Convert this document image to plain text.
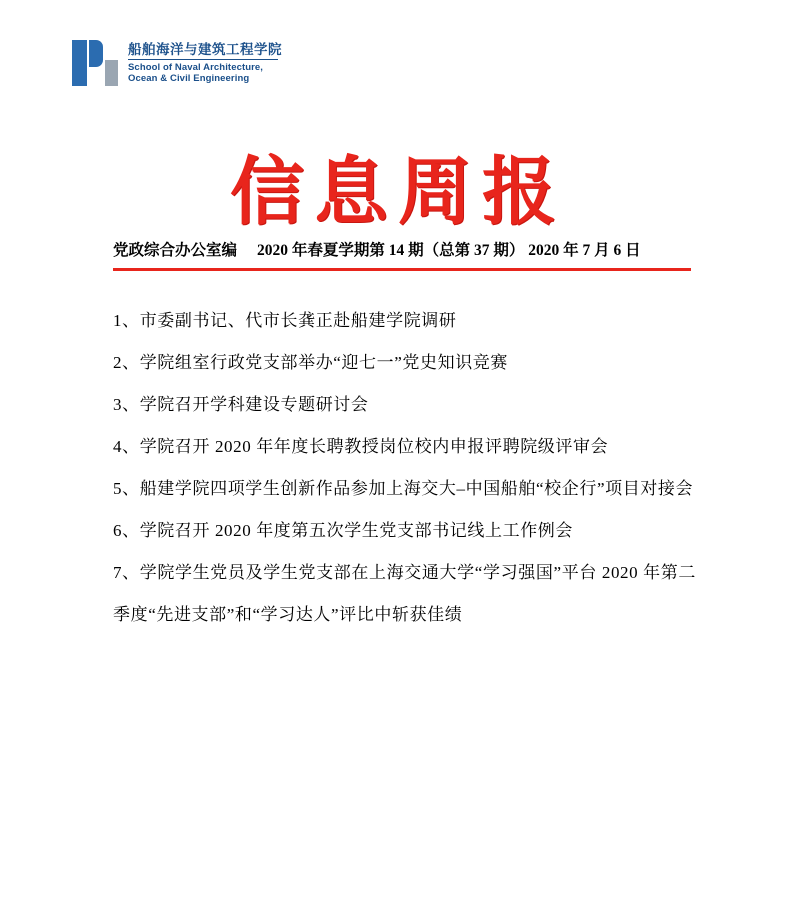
船舶海洋与建筑工程学院
School of Naval Architecture,
Ocean & Civil Engineering
信息周报
党政综合办公室编 2020 年春夏学期第 14 期（总第 37 期） 2020 年 7 月 6 日
1、市委副书记、代市长龚正赴船建学院调研
2、学院组室行政党支部举办“迎七一”党史知识竞赛
3、学院召开学科建设专题研讨会
4、学院召开 2020 年年度长聘教授岗位校内申报评聘院级评审会
5、船建学院四项学生创新作品参加上海交大–中国船舶“校企行”项目对接会
6、学院召开 2020 年度第五次学生党支部书记线上工作例会
7、学院学生党员及学生党支部在上海交通大学“学习强国”平台 2020 年第二季度“先进支部”和“学习达人”评比中斩获佳绩
